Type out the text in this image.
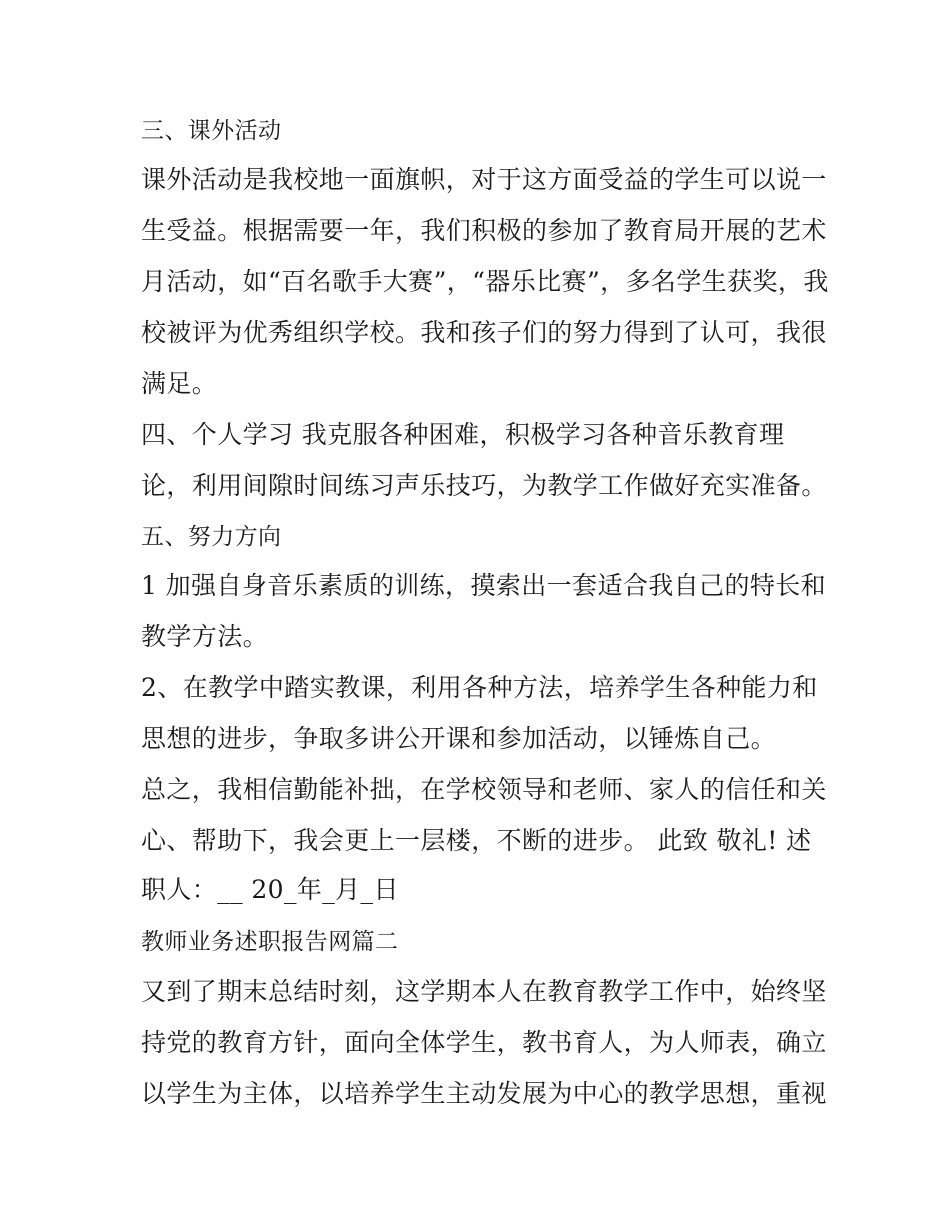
三、课外活动
课外活动是我校地一面旗帜，对于这方面受益的学生可以说一
生受益。根据需要一年，我们积极的参加了教育局开展的艺术
月活动，如“百名歌手大赛”，“器乐比赛”，多名学生获奖，我
校被评为优秀组织学校。我和孩子们的努力得到了认可，我很
满足。
四、个人学习 我克服各种困难，积极学习各种音乐教育理
论，利用间隙时间练习声乐技巧，为教学工作做好充实准备。
五、努力方向
1 加强自身音乐素质的训练，摸索出一套适合我自己的特长和
教学方法。
2、在教学中踏实教课，利用各种方法，培养学生各种能力和
思想的进步，争取多讲公开课和参加活动，以锤炼自己。
总之，我相信勤能补拙，在学校领导和老师、家人的信任和关
心、帮助下，我会更上一层楼，不断的进步。 此致 敬礼! 述
职人：__ 20_年_月_日
教师业务述职报告网篇二
又到了期末总结时刻，这学期本人在教育教学工作中，始终坚
持党的教育方针，面向全体学生，教书育人，为人师表，确立
以学生为主体，以培养学生主动发展为中心的教学思想，重视
